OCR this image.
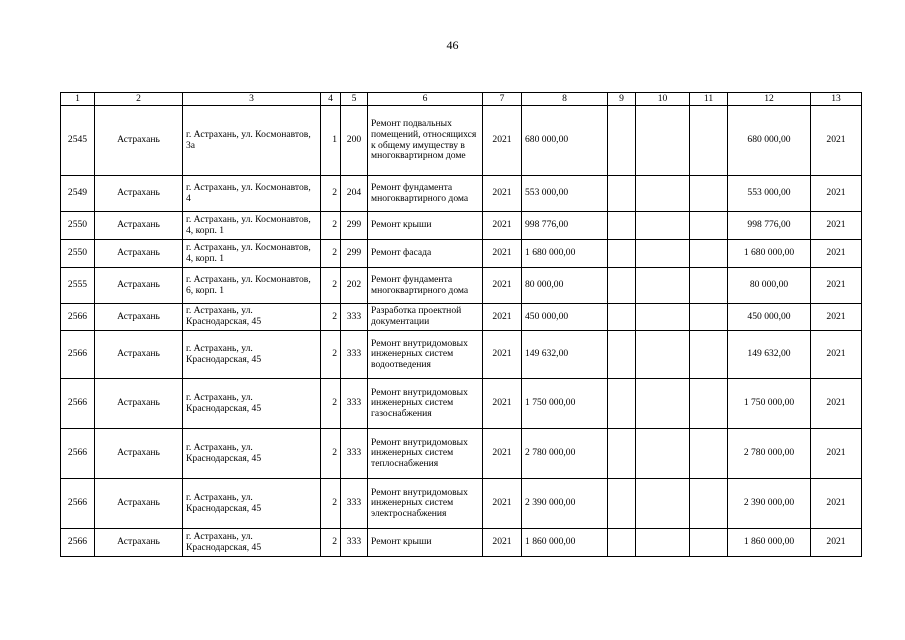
46
1	2	3	4	5	6	7	8	9	10	11	12	13
2545	Астрахань	г. Астрахань, ул. Космонавтов, 3а	1	200	Ремонт подвальных помещений, относящихся к общему имуществу в многоквартирном доме	2021	680 000,00				680 000,00	2021
2549	Астрахань	г. Астрахань, ул. Космонавтов, 4	2	204	Ремонт фундамента многоквартирного дома	2021	553 000,00				553 000,00	2021
2550	Астрахань	г. Астрахань, ул. Космонавтов, 4, корп. 1	2	299	Ремонт крыши	2021	998 776,00				998 776,00	2021
2550	Астрахань	г. Астрахань, ул. Космонавтов, 4, корп. 1	2	299	Ремонт фасада	2021	1 680 000,00				1 680 000,00	2021
2555	Астрахань	г. Астрахань, ул. Космонавтов, 6, корп. 1	2	202	Ремонт фундамента многоквартирного дома	2021	80 000,00				80 000,00	2021
2566	Астрахань	г. Астрахань, ул. Краснодарская, 45	2	333	Разработка проектной документации	2021	450 000,00				450 000,00	2021
2566	Астрахань	г. Астрахань, ул. Краснодарская, 45	2	333	Ремонт внутридомовых инженерных систем водоотведения	2021	149 632,00				149 632,00	2021
2566	Астрахань	г. Астрахань, ул. Краснодарская, 45	2	333	Ремонт внутридомовых инженерных систем газоснабжения	2021	1 750 000,00				1 750 000,00	2021
2566	Астрахань	г. Астрахань, ул. Краснодарская, 45	2	333	Ремонт внутридомовых инженерных систем теплоснабжения	2021	2 780 000,00				2 780 000,00	2021
2566	Астрахань	г. Астрахань, ул. Краснодарская, 45	2	333	Ремонт внутридомовых инженерных систем электроснабжения	2021	2 390 000,00				2 390 000,00	2021
2566	Астрахань	г. Астрахань, ул. Краснодарская, 45	2	333	Ремонт крыши	2021	1 860 000,00				1 860 000,00	2021
